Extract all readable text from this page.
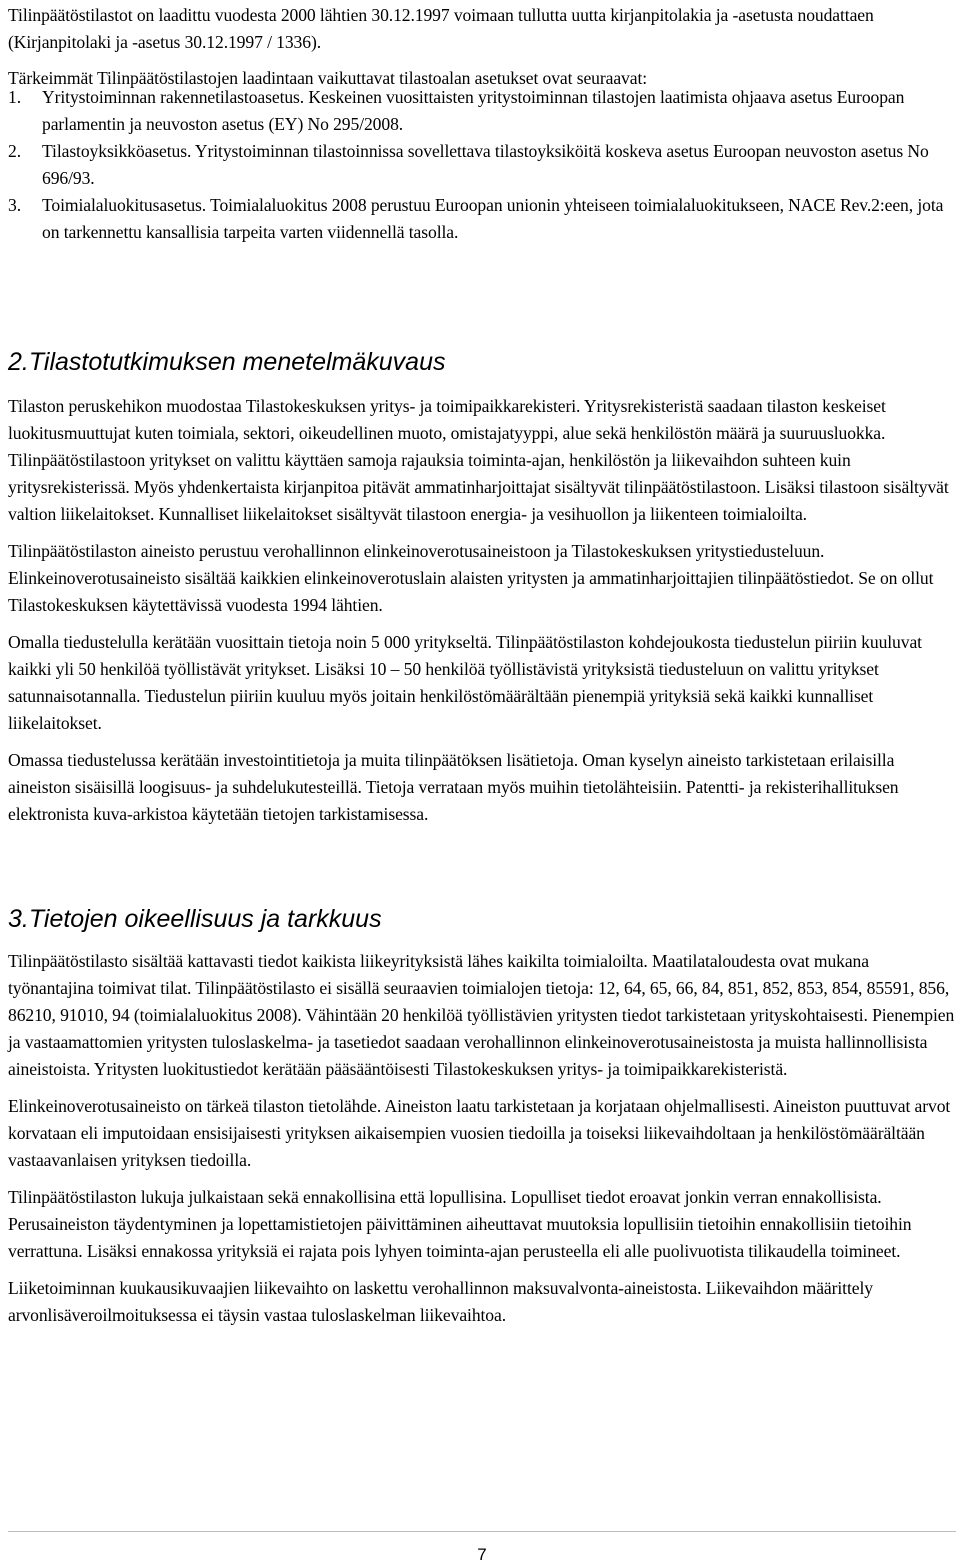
Tilinpäätöstilastot on laadittu vuodesta 2000 lähtien 30.12.1997 voimaan tullutta uutta kirjanpitolakia ja -asetusta noudattaen (Kirjanpitolaki ja -asetus 30.12.1997 / 1336).

Tärkeimmät Tilinpäätöstilastojen laadintaan vaikuttavat tilastoalan asetukset ovat seuraavat:

1. Yritystoiminnan rakennetilastoasetus. Keskeinen vuosittaisten yritystoiminnan tilastojen laatimista ohjaava asetus Euroopan parlamentin ja neuvoston asetus (EY) No 295/2008.
2. Tilastoyksikköasetus. Yritystoiminnan tilastoinnissa sovellettava tilastoyksiköitä koskeva asetus Euroopan neuvoston asetus No 696/93.
3. Toimialaluokitusasetus. Toimialaluokitus 2008 perustuu Euroopan unionin yhteiseen toimialaluokitukseen, NACE Rev.2:een, jota on tarkennettu kansallisia tarpeita varten viidennellä tasolla.
2.Tilastotutkimuksen menetelmäkuvaus

Tilaston peruskehikon muodostaa Tilastokeskuksen yritys- ja toimipaikkarekisteri. Yritysrekisteristä saadaan tilaston keskeiset luokitusmuuttujat kuten toimiala, sektori, oikeudellinen muoto, omistajatyyppi, alue sekä henkilöstön määrä ja suuruusluokka. Tilinpäätöstilastoon yritykset on valittu käyttäen samoja rajauksia toiminta-ajan, henkilöstön ja liikevaihdon suhteen kuin yritysrekisterissä. Myös yhdenkertaista kirjanpitoa pitävät ammatinharjoittajat sisältyvät tilinpäätöstilastoon. Lisäksi tilastoon sisältyvät valtion liikelaitokset. Kunnalliset liikelaitokset sisältyvät tilastoon energia- ja vesihuollon ja liikenteen toimialoilta.

Tilinpäätöstilaston aineisto perustuu verohallinnon elinkeinoverotusaineistoon ja Tilastokeskuksen yritystiedusteluun. Elinkeinoverotusaineisto sisältää kaikkien elinkeinoverotuslain alaisten yritysten ja ammatinharjoittajien tilinpäätöstiedot. Se on ollut Tilastokeskuksen käytettävissä vuodesta 1994 lähtien.

Omalla tiedustelulla kerätään vuosittain tietoja noin 5 000 yritykseltä. Tilinpäätöstilaston kohdejoukosta tiedustelun piiriin kuuluvat kaikki yli 50 henkilöä työllistävät yritykset. Lisäksi 10 – 50 henkilöä työllistävistä yrityksistä tiedusteluun on valittu yritykset satunnaisotannalla. Tiedustelun piiriin kuuluu myös joitain henkilöstömäärältään pienempiä yrityksiä sekä kaikki kunnalliset liikelaitokset.

Omassa tiedustelussa kerätään investointitietoja ja muita tilinpäätöksen lisätietoja. Oman kyselyn aineisto tarkistetaan erilaisilla aineiston sisäisillä loogisuus- ja suhdelukutesteillä. Tietoja verrataan myös muihin tietolähteisiin. Patentti- ja rekisterihallituksen elektronista kuva-arkistoa käytetään tietojen tarkistamisessa.

3.Tietojen oikeellisuus ja tarkkuus

Tilinpäätöstilasto sisältää kattavasti tiedot kaikista liikeyrityksistä lähes kaikilta toimialoilta. Maatilataloudesta ovat mukana työnantajina toimivat tilat. Tilinpäätöstilasto ei sisällä seuraavien toimialojen tietoja: 12, 64, 65, 66, 84, 851, 852, 853, 854, 85591, 856, 86210, 91010, 94 (toimialaluokitus 2008). Vähintään 20 henkilöä työllistävien yritysten tiedot tarkistetaan yrityskohtaisesti. Pienempien ja vastaamattomien yritysten tuloslaskelma- ja tasetiedot saadaan verohallinnon elinkeinoverotusaineistosta ja muista hallinnollisista aineistoista. Yritysten luokitustiedot kerätään pääsääntöisesti Tilastokeskuksen yritys- ja toimipaikkarekisteristä.

Elinkeinoverotusaineisto on tärkeä tilaston tietolähde. Aineiston laatu tarkistetaan ja korjataan ohjelmallisesti. Aineiston puuttuvat arvot korvataan eli imputoidaan ensisijaisesti yrityksen aikaisempien vuosien tiedoilla ja toiseksi liikevaihdoltaan ja henkilöstömäärältään vastaavanlaisen yrityksen tiedoilla.

Tilinpäätöstilaston lukuja julkaistaan sekä ennakollisina että lopullisina. Lopulliset tiedot eroavat jonkin verran ennakollisista. Perusaineiston täydentyminen ja lopettamistietojen päivittäminen aiheuttavat muutoksia lopullisiin tietoihin ennakollisiin tietoihin verrattuna. Lisäksi ennakossa yrityksiä ei rajata pois lyhyen toiminta-ajan perusteella eli alle puolivuotista tilikaudella toimineet.

Liiketoiminnan kuukausikuvaajien liikevaihto on laskettu verohallinnon maksuvalvonta-aineistosta. Liikevaihdon määrittely arvonlisäveroilmoituksessa ei täysin vastaa tuloslaskelman liikevaihtoa.

7
